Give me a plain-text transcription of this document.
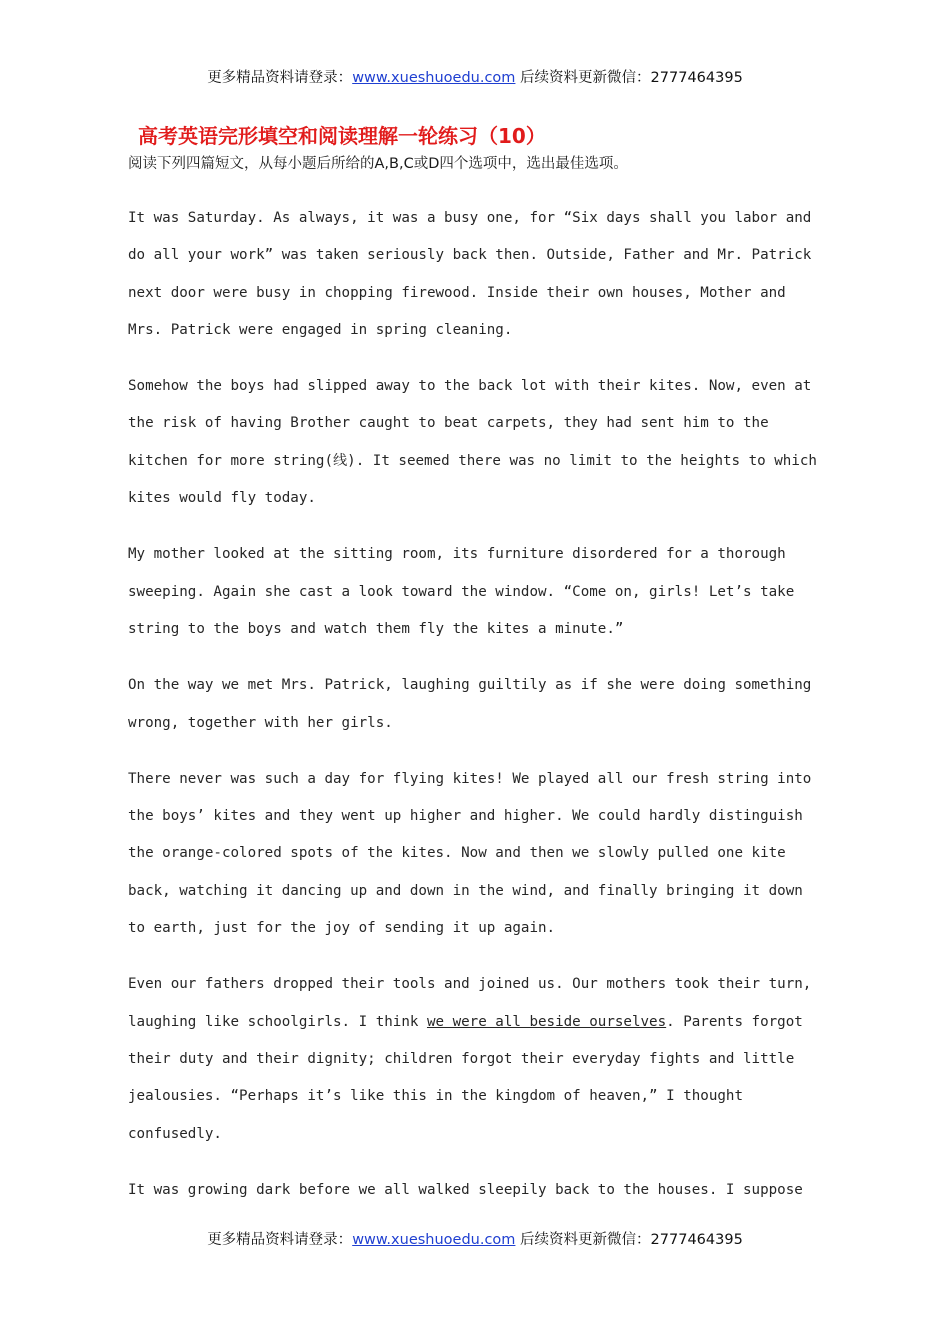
更多精品资料请登录：www.xueshuoedu.com 后续资料更新微信：2777464395
高考英语完形填空和阅读理解一轮练习（10）
阅读下列四篇短文，从每小题后所给的A,B,C或D四个选项中，选出最佳选项。
It was Saturday. As always, it was a busy one, for “Six days shall you labor and
do all your work” was taken seriously back then. Outside, Father and Mr. Patrick
next door were busy in chopping firewood. Inside their own houses, Mother and
Mrs. Patrick were engaged in spring cleaning.
Somehow the boys had slipped away to the back lot with their kites. Now, even at
the risk of having Brother caught to beat carpets, they had sent him to the
kitchen for more string(线). It seemed there was no limit to the heights to which
kites would fly today.
My mother looked at the sitting room, its furniture disordered for a thorough
sweeping. Again she cast a look toward the window. “Come on, girls! Let’s take
string to the boys and watch them fly the kites a minute.”
On the way we met Mrs. Patrick, laughing guiltily as if she were doing something
wrong, together with her girls.
There never was such a day for flying kites! We played all our fresh string into
the boys’ kites and they went up higher and higher. We could hardly distinguish
the orange-colored spots of the kites. Now and then we slowly pulled one kite
back, watching it dancing up and down in the wind, and finally bringing it down
to earth, just for the joy of sending it up again.
Even our fathers dropped their tools and joined us. Our mothers took their turn,
laughing like schoolgirls. I think we were all beside ourselves. Parents forgot
their duty and their dignity; children forgot their everyday fights and little
jealousies. “Perhaps it’s like this in the kingdom of heaven,” I thought
confusedly.
It was growing dark before we all walked sleepily back to the houses. I suppose
更多精品资料请登录：www.xueshuoedu.com 后续资料更新微信：2777464395
